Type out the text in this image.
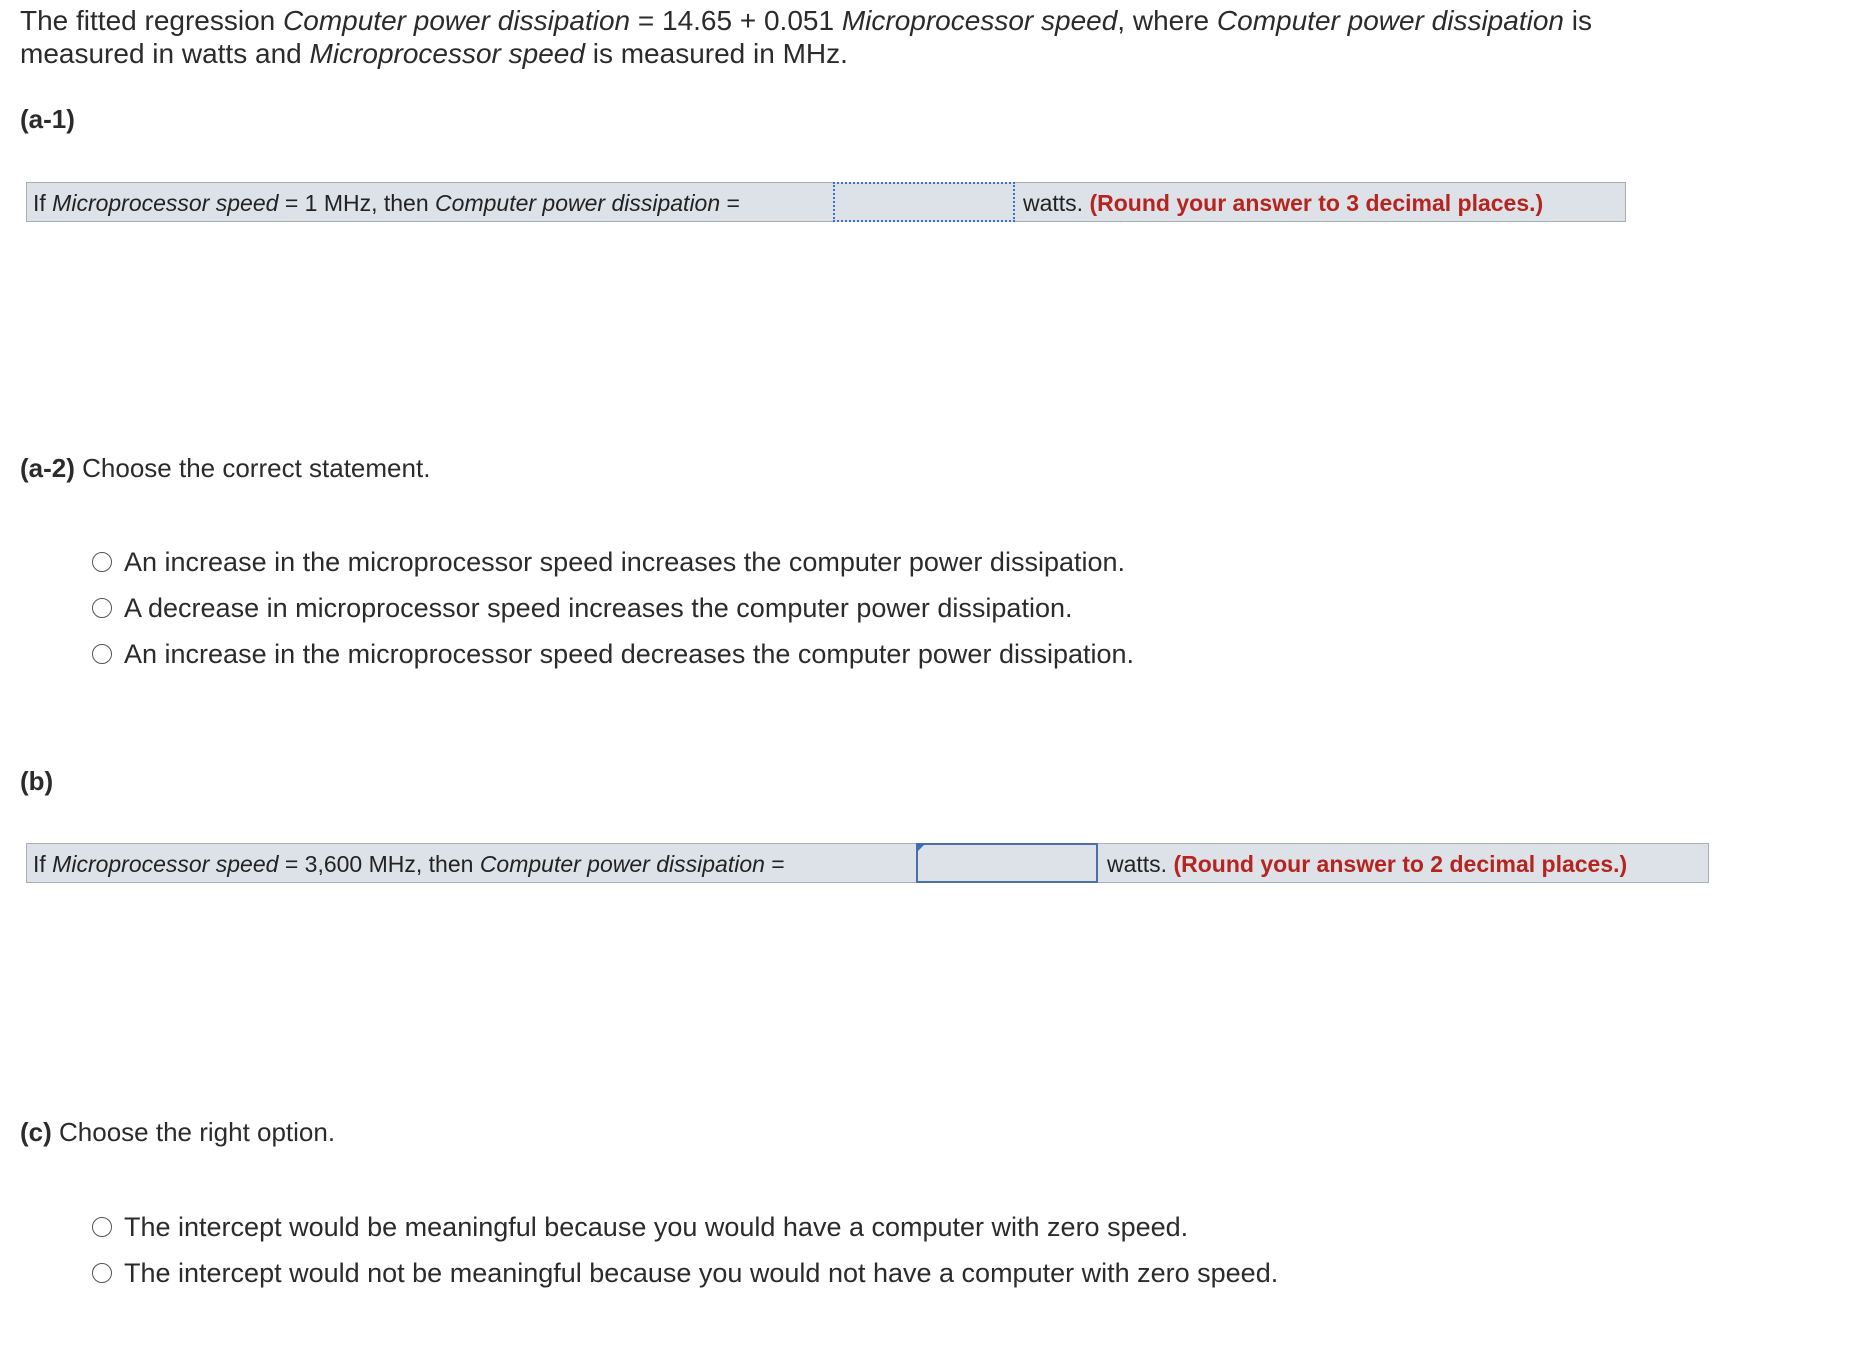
The fitted regression Computer power dissipation = 14.65 + 0.051 Microprocessor speed, where Computer power dissipation is measured in watts and Microprocessor speed is measured in MHz.
(a-1)
If Microprocessor speed = 1 MHz, then Computer power dissipation =	watts. (Round your answer to 3 decimal places.)
(a-2) Choose the correct statement.
An increase in the microprocessor speed increases the computer power dissipation.
A decrease in microprocessor speed increases the computer power dissipation.
An increase in the microprocessor speed decreases the computer power dissipation.
(b)
If Microprocessor speed = 3,600 MHz, then Computer power dissipation =	watts. (Round your answer to 2 decimal places.)
(c) Choose the right option.
The intercept would be meaningful because you would have a computer with zero speed.
The intercept would not be meaningful because you would not have a computer with zero speed.
